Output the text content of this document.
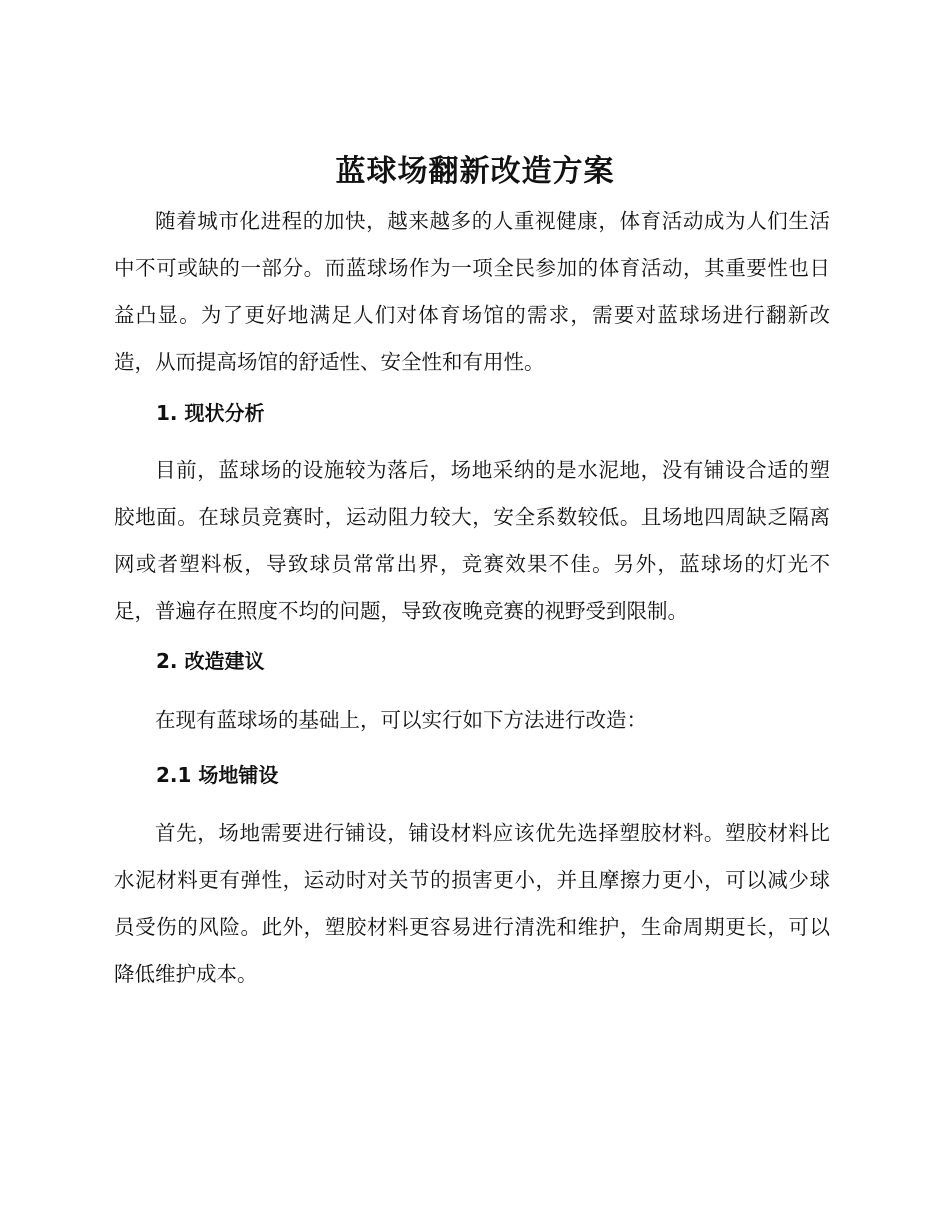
蓝球场翻新改造方案

随着城市化进程的加快，越来越多的人重视健康，体育活动成为人们生活中不可或缺的一部分。而蓝球场作为一项全民参加的体育活动，其重要性也日益凸显。为了更好地满足人们对体育场馆的需求，需要对蓝球场进行翻新改造，从而提高场馆的舒适性、安全性和有用性。

1. 现状分析

目前，蓝球场的设施较为落后，场地采纳的是水泥地，没有铺设合适的塑胶地面。在球员竞赛时，运动阻力较大，安全系数较低。且场地四周缺乏隔离网或者塑料板，导致球员常常出界，竞赛效果不佳。另外，蓝球场的灯光不足，普遍存在照度不均的问题，导致夜晚竞赛的视野受到限制。

2. 改造建议

在现有蓝球场的基础上，可以实行如下方法进行改造：

2.1 场地铺设

首先，场地需要进行铺设，铺设材料应该优先选择塑胶材料。塑胶材料比水泥材料更有弹性，运动时对关节的损害更小，并且摩擦力更小，可以减少球员受伤的风险。此外，塑胶材料更容易进行清洗和维护，生命周期更长，可以降低维护成本。
